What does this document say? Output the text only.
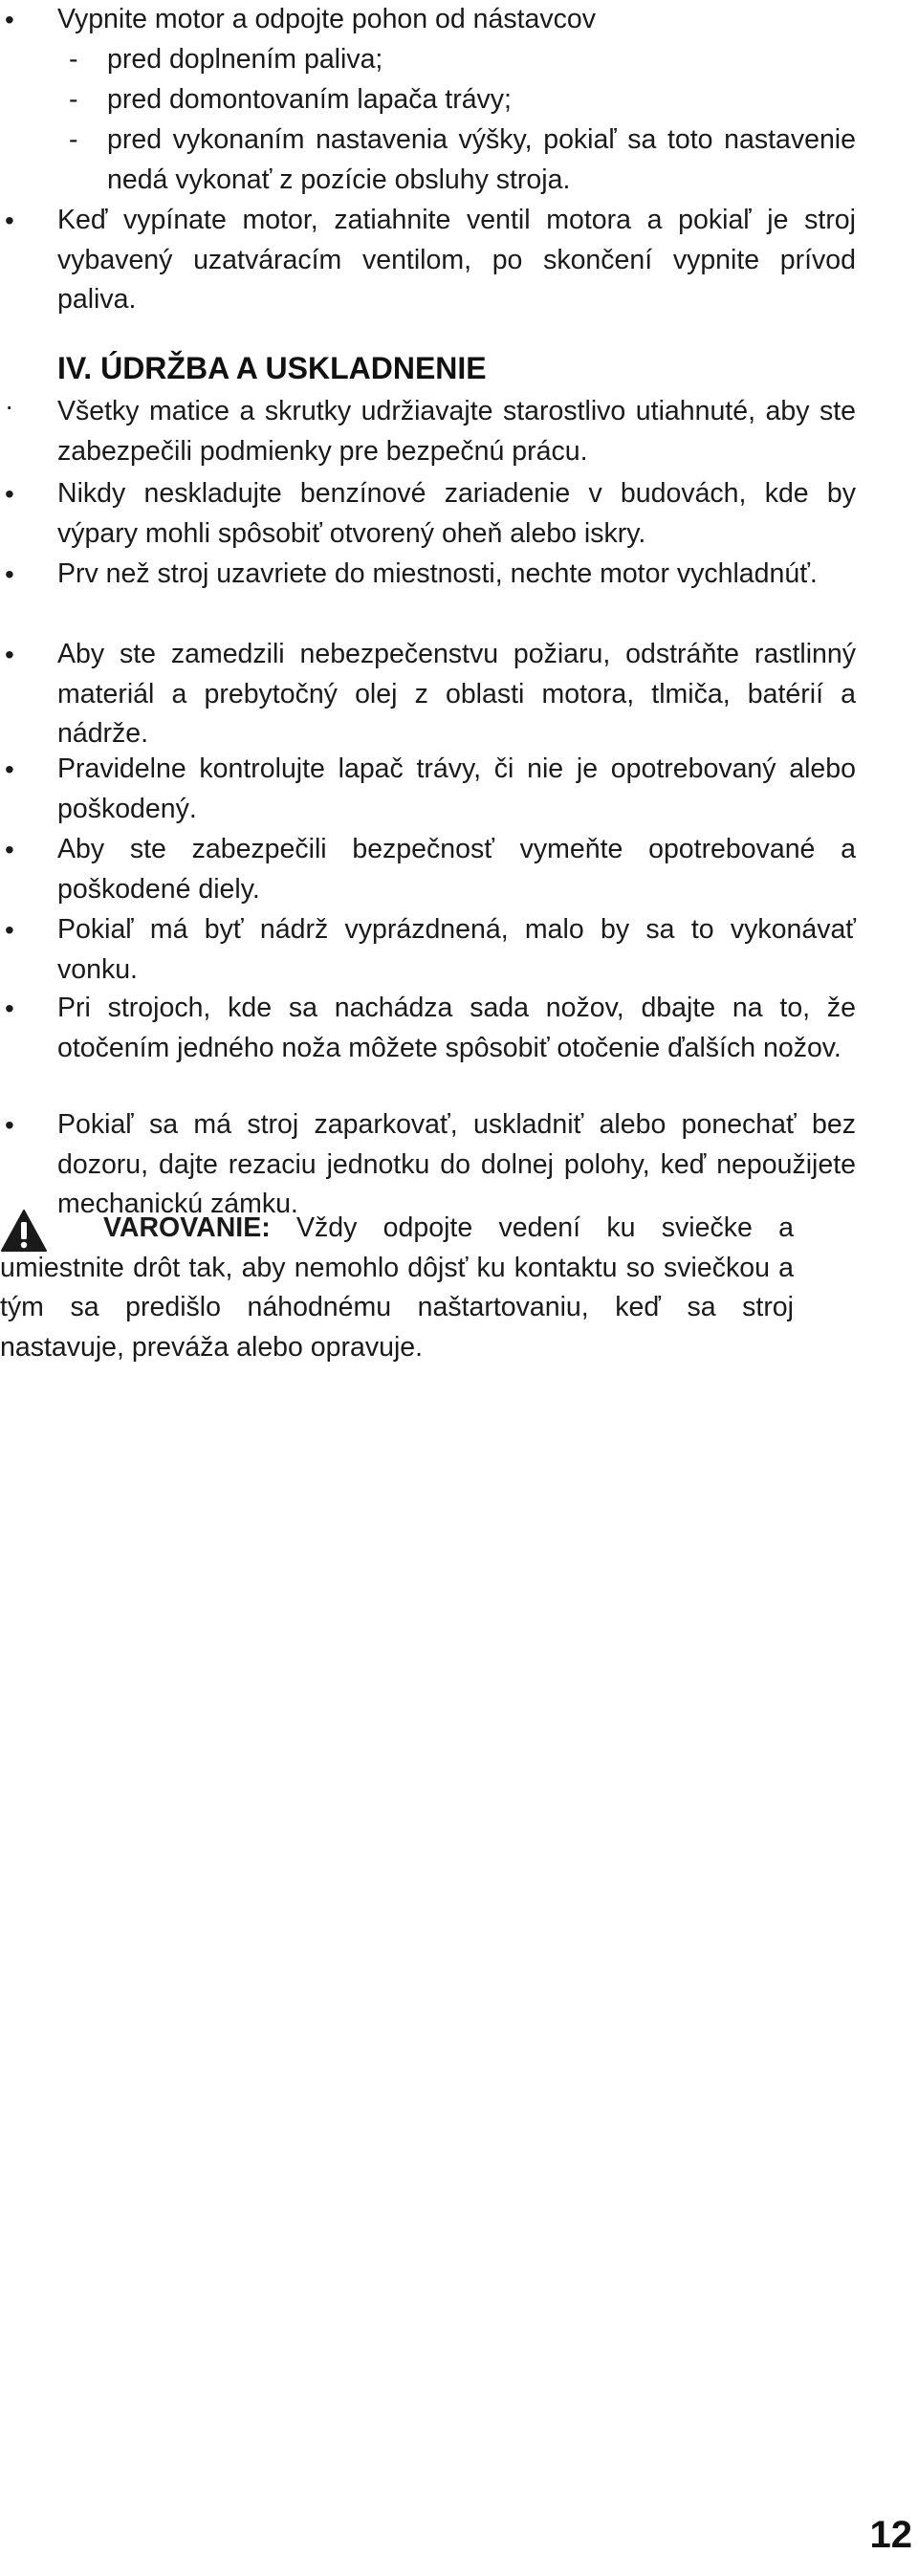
•	Vypnite motor a odpojte pohon od nástavcov
- pred doplnením paliva;
- pred domontovaním lapača trávy;
- pred vykonaním nastavenia výšky, pokiaľ sa toto nastavenie nedá vykonať z pozície obsluhy stroja.
•	Keď vypínate motor, zatiahnite ventil motora a pokiaľ je stroj vybavený uzatváracím ventilom, po skončení vypnite prívod paliva.
IV. ÚDRŽBA A USKLADNENIE
·	Všetky matice a skrutky udržiavajte starostlivo utiahnuté, aby ste zabezpečili podmienky pre bezpečnú prácu.
•	Nikdy neskladujte benzínové zariadenie v budovách, kde by výpary mohli spôsobiť otvorený oheň alebo iskry.
•	Prv než stroj uzavriete do miestnosti, nechte motor vychladnúť.
•	Aby ste zamedzili nebezpečenstvu požiaru, odstráňte rastlinný materiál a prebytočný olej z oblasti motora, tlmiča, batérií a nádrže.
•	Pravidelne kontrolujte lapač trávy, či nie je opotrebovaný alebo poškodený.
•	Aby ste zabezpečili bezpečnosť vymeňte opotrebované a poškodené diely.
•	Pokiaľ má byť nádrž vyprázdnená, malo by sa to vykonávať vonku.
•	Pri strojoch, kde sa nachádza sada nožov, dbajte na to, že otočením jedného noža môžete spôsobiť otočenie ďalších nožov.
•	Pokiaľ sa má stroj zaparkovať, uskladniť alebo ponechať bez dozoru, dajte rezaciu jednotku do dolnej polohy, keď nepoužijete mechanickú zámku.
VAROVANIE: Vždy odpojte vedení ku sviečke a umiestnite drôt tak, aby nemohlo dôjsť ku kontaktu so sviečkou a tým sa predišlo náhodnému naštartovaniu, keď sa stroj nastavuje, preváža alebo opravuje.
12
